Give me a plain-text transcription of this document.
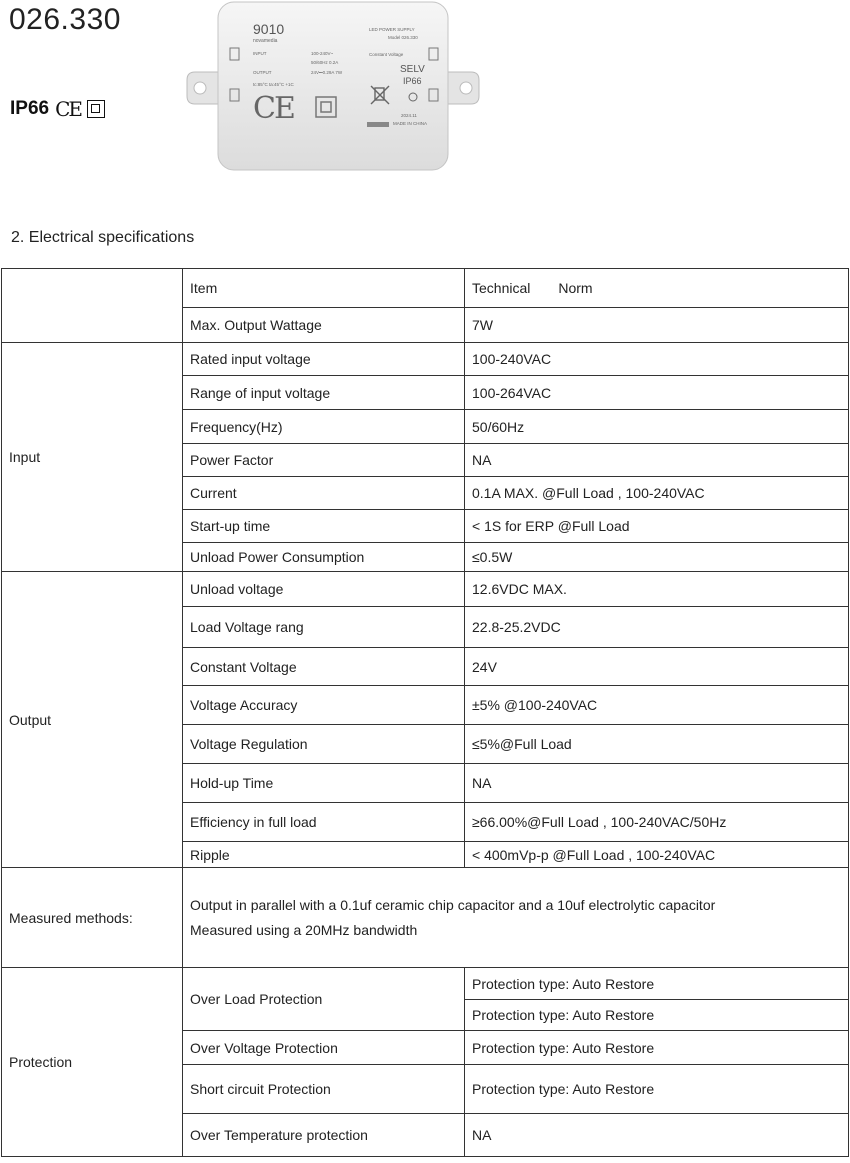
026.330
IP66 CE
9010
novamedia
LED POWER SUPPLY
Model 026.330
Constant Voltage
INPUT	100-240V~
50/60Hz 0.2A
OUTPUT	24V⎓0.29A 7W
tc:85°C ta:45°C +1C
SELV
IP66
2024.11
MADE IN CHINA
CE
2. Electrical specifications
	Item	Technical Norm
	Max. Output Wattage	7W
Input	Rated input voltage	100-240VAC
	Range of input voltage	100-264VAC
	Frequency(Hz)	50/60Hz
	Power Factor	NA
	Current	0.1A MAX. @Full Load , 100-240VAC
	Start-up time	< 1S for ERP @Full Load
	Unload Power Consumption	≤0.5W
Output	Unload voltage	12.6VDC MAX.
	Load Voltage rang	22.8-25.2VDC
	Constant Voltage	24V
	Voltage Accuracy	±5% @100-240VAC
	Voltage Regulation	≤5%@Full Load
	Hold-up Time	NA
	Efficiency in full load	≥66.00%@Full Load , 100-240VAC/50Hz
	Ripple	< 400mVp-p @Full Load , 100-240VAC
Measured methods:	Output in parallel with a 0.1uf ceramic chip capacitor and a 10uf electrolytic capacitor
Measured using a 20MHz bandwidth	

Protection	Over Load Protection	Protection type: Auto Restore
		Protection type: Auto Restore
	Over Voltage Protection	Protection type: Auto Restore
	Short circuit Protection	Protection type: Auto Restore
	Over Temperature protection	NA
